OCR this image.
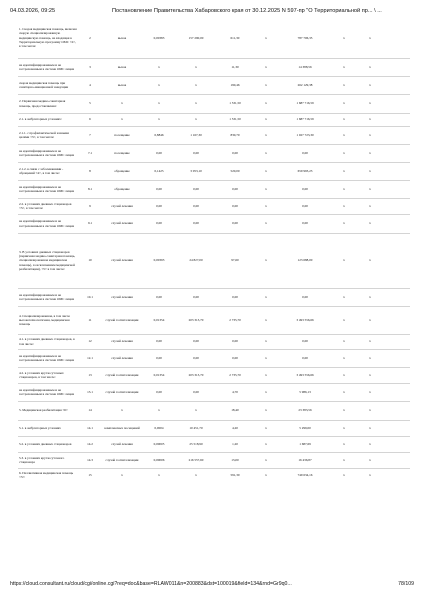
04.03.2026, 09:25	Постановление Правительства Хабаровского края от 30.12.2025 N 597-пр "О Территориальной пр... \ ...
1. Скорая медицинская помощь, включая скорую специализированную медицинскую помощь, не входящая в Территориальную программу ОМС <2>, в том числе:	2	вызов	0,00383	157 290,00	611,30	х	787 706,35	х	х	
не идентифицированным и не застрахованным в системе ОМС лицам	3	вызов	х	х	11,30	х	14 388,56	х	х	
скорая медицинская помощь при санитарно-авиационной эвакуации	4	вызов	х	х	190,46	х	262 129,38	х	х	
2. Первичная медико-санитарная помощь, предоставляемая:	5	х	х	х	1 531,50	х	1 687 716,59	х	х	
2.1. в амбулаторных условиях:	6	х	х	х	1 531,50	х	1 687 716,59	х	х	
2.1.1. с профилактической и иными целями <3>, в том числе:	7	посещение	0,8846	1 167,30	830,70	х	1 027 723,30	х	х	
не идентифицированным и не застрахованным в системе ОМС лицам	7.1	посещение	0,00	0,00	0,00	х	0,00	х	х	
2.1.2. в связи с заболеваниями - обращений <4>, в том числе:	8	обращение	0,1425	3 053,10	520,00	х	659 993,23	х	х	
не идентифицированным и не застрахованным в системе ОМС лицам	8.1	обращение	0,00	0,00	0,00	х	0,00	х	х	
2.2. в условиях дневных стационаров <5>, в том числе:	9	случай лечения	0,00	0,00	0,00	х	0,00	х	х	
не идентифицированным и не застрахованным в системе ОМС лицам	9.1	случай лечения	0,00	0,00	0,00	х	0,00	х	х	
3. В условиях дневных стационаров (первичная медико-санитарная помощь, специализированная медицинская помощь), за исключением медицинской реабилитации), <5> в том числе:	10	случай лечения	0,00393	24 827,00	97,60	х	123 688,00	х	х	
не идентифицированным и не застрахованным в системе ОМС лицам	10.1	случай лечения	0,00	0,00	0,00	х	0,00	х	х	
4. Специализированная, в том числе высокотехнологичная, медицинская помощь	11	случай госпитализации	0,01354	203 313,70	2 735,70	х	3 493 556,66	х	х	
4.1. в условиях дневных стационаров, в том числе:	12	случай лечения	0,00	0,00	0,00	х	0,00	х	х	
не идентифицированным и не застрахованным в системе ОМС лицам	12.1	случай лечения	0,00	0,00	0,00	х	0,00	х	х	
4.2. в условиях круглосуточных стационаров, в том числе:	13	случай госпитализации	0,01354	203 313,70	2 735,70	х	3 493 556,66	х	х	
не идентифицированным и не застрахованным в системе ОМС лицам	13.1	случай госпитализации	0,00	0,00	4,70	х	5 986,13	х	х	
5. Медицинская реабилитация <6>	14	х	х	х	18,40	х	23 383,56	х	х	
5.1. в амбулаторных условиях	14.1	комплексных посещений	0,0004	10 451,70	4,20	х	5 299,00	х	х	
5.2. в условиях дневных стационаров	14.2	случай лечения	0,00005	25 518,90	1,20	х	1 687,69	х	х	
5.3. в условиях круглосуточного стационара	14.3	случай госпитализации	0,00006	216 557,60	13,00	х	16 436,87	х	х	
6. Паллиативная медицинская помощь <5>:	15	х	х	х	591,30	х	749 634,16	х	х	
https://cloud.consultant.ru/cloud/cgi/online.cgi?req=doc&base=RLAW011&n=200883&dst=100019&field=134&rnd=Gr9q0...	78/109
